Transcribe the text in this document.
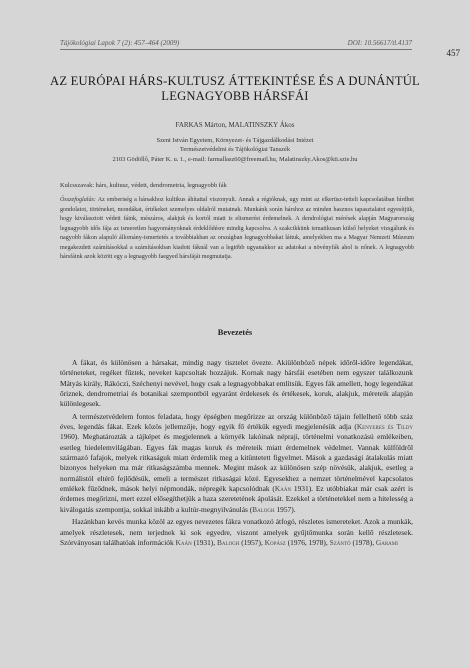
Tájökológiai Lapok 7 (2): 457–464 (2009)	DOI: 10.56617/tl.4137
457
AZ EURÓPAI HÁRS-KULTUSZ ÁTTEKINTÉSE ÉS A DUNÁNTÚL LEGNAGYOBB HÁRSFÁI
FARKAS Márton, MALATINSZKY Ákos
Szent István Egyetem, Környezet- és Tájgazdálkodási Intézet
Természetvédelmi és Tájökológiai Tanszék
2103 Gödöllő, Páter K. u. 1., e-mail: farmallasz60@freemail.hu, Malatinszky.Akos@kti.szie.hu
Kulcsszavak: hárs, kultusz, védett, dendrometria, legnagyobb fák
Összefoglalás: Az emberiség a hársakhoz kultikus áhítattal viszonyult. Annak a régióknak, ugy mint az elkerüsz-tetteli kapcsolatában hírdhet gondolatot, történeket, mondákat, értékeket szemelyes oldalról mutatnak. Munkánk során hárshoz az minden hasznos tapasztalatot egyesítjük, hogy kiválasztott védett fáink, mészáros, alakjuk és kortól miatt is elismerést érdemelnek. A dendrológiai mérések alapján Magyarország legnagyobb idős fája az ismeretlen hagyományoknak érdeklődésre mindig kapcsolva. A szakcikkünk tematikusan külső helyeket vizsgálunk és nagyobb fákon alapuló állomány-ismertetés a továbbiakban az országban legnagyobbakat láttuk, amelyekben ma a Magyar Nemzeti Múzeum megakezdett számításokkal a számításokban kiadott fáknál van a legtöbb ugyanakkor az adatokat a növényfák ahol is nőnek. A legnagyobb hársfáink azok között egy a legnagyobb faegyed hársfáját megmutatja.
Bevezetés

A fákat, és különösen a hársakat, mindig nagy tisztelet övezte. Akiülönböző népek időről-időre legendákat, történeteket, regéket fűztek, neveket kapcsoltak hozzájuk. Kornak nagy hársfái esetében nem egyszer találkozunk Mátyás király, Rákóczi, Széchenyi nevével, hogy csak a legnagyobbakat említsük. Egyes fák amellett, hogy legendákat őriznek, dendrometriai és botanikai szempontból egyaránt érdekesek és értékesek, koruk, alakjuk, méreteik alapján különlegesek.

A természetvédelem fontos feladata, hogy épségben megőrizze az ország különböző tájain fellelhető több száz éves, legendás fákat. Ezek közös jellemzője, hogy egyik fő értékük egyedi megjelenésük adja (Kenyeres és Tildy 1960). Meghatározták a tájképet és megjelennek a környék lakóinak népraji, történelmi vonatkozású emlékeiben, esetleg hiedelemvilágában. Egyes fák magas koruk és méreteik miatt érdemelnek védelmet. Vannak külföldről származó fafajok, melyek ritkaságuk miatt érdemlik meg a kitüntetett figyelmet. Mások a gazdasági átalakulás miatt bizonyos helyeken ma már ritkaságszámba mennek. Megint mások az különösen szép növésük, alakjuk, esetleg a normálistól eltérő fejlődésük, emeli a természet ritkaságai közé. Egyesekhez a nemzet történelmével kapcsolatos emlékek fűződnek, mások helyi népmondák, népregék kapcsolódnak (Kaán 1931). Ez utóbbiakat már csak azért is érdemes megőrizni, mert ezzel elősegíthetjük a haza szeretetének ápolását. Ezekkel a történetekkel nem a hitelesség a kiválogatás szempontja, sokkal inkább a kultúr-megnyilvánulás (Balogh 1957).

Hazánkban kevés munka közöl az egyes nevezetes fákra vonatkozó átfogó, részletes ismereteket. Azok a munkák, amelyek részletesek, nem terjednek ki sok egyedre, viszont amelyek gyűjtőmunka során kellő részletesek. Szórványosan találhatóak információk Kaán (1931), Balogh (1957), Kopász (1976, 1978), Szántó (1978), Garami
